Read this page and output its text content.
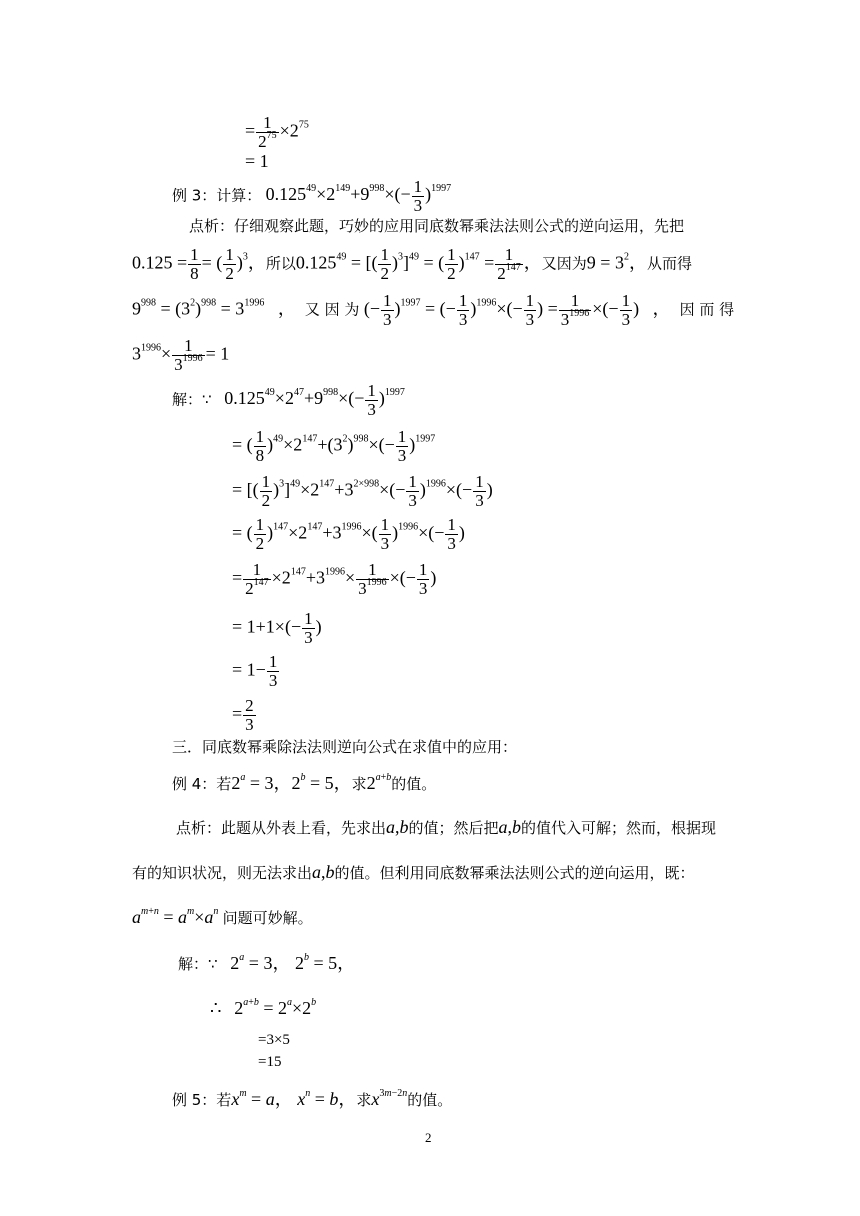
= $\frac{1}{2^{75}} \times 2^{75}$
= 1
例 3：计算： $0.125^{49}\times 2^{149}+9^{998}\times(- \frac{1}{3} )^{1997}$
点析：仔细观察此题，巧妙的应用同底数幂乘法法则公式的逆向运用，先把
$0.125 = \frac{1}{8}$ = ( $\frac{1}{2} )^3$，所以$0.125^{49}$ = [( $\frac{1}{2} )^3]^{49}$ = ( $\frac{1}{2} )^{147} = \frac{1}{2^{147}}$ ，又因为$9 = 3^2$，从而得
$9^{998} = (3^2)^{998} = 3^{1996}$   ，  又 因 为 (− $\frac{1}{3} )^{1997}$ = (− $\frac{1}{3} )^{1996}\times(- \frac{1}{3}$ ) = $\frac{1}{3^{1996}}$ ×(− $\frac{1}{3}$ )   ，  因 而 得
$3^{1996}\times \frac{1}{3^{1996}} = 1$
解：∵ $0.125^{49}\times 2^{47}+9^{998}\times(- \frac{1}{3} )^{1997}$
= ( $\frac{1}{8} )^{49}\times 2^{147}+(3^2)^{998}\times(- \frac{1}{3} )^{1997}$
= [( $\frac{1}{2} )^3]^{49}\times 2^{147}+3^{2\times 998}\times(- \frac{1}{3} )^{1996}\times(- \frac{1}{3}$ )
= ( $\frac{1}{2} )^{147}\times 2^{147}+3^{1996}\times( \frac{1}{3} )^{1996}\times(- \frac{1}{3}$ )
= $\frac{1}{2^{147}} \times 2^{147}+3^{1996}\times \frac{1}{3^{1996}}$ ×(− $\frac{1}{3}$ )
= $1+1\times(- \frac{1}{3}$ )
= $1- \frac{1}{3}$
= $\frac{2}{3}$
三．同底数幂乘除法法则逆向公式在求值中的应用：
例 4：若$2^a = 3$，$2^b = 5$，求$2^{a+b}$的值。
点析：此题从外表上看，先求出a,b的值；然后把a,b的值代入可解；然而，根据现
有的知识状况，则无法求出a,b的值。但利用同底数幂乘法法则公式的逆向运用，既：
$a^{m+n} = a^m\times a^n$ 问题可妙解。
解：∵ $2^a = 3$， $2^b = 5$，
∴ $2^{a+b} = 2^a\times 2^b$
=3×5
=15
例 5：若$x^m = a$， $x^n = b$，求$x^{3m-2n}$的值。
2
